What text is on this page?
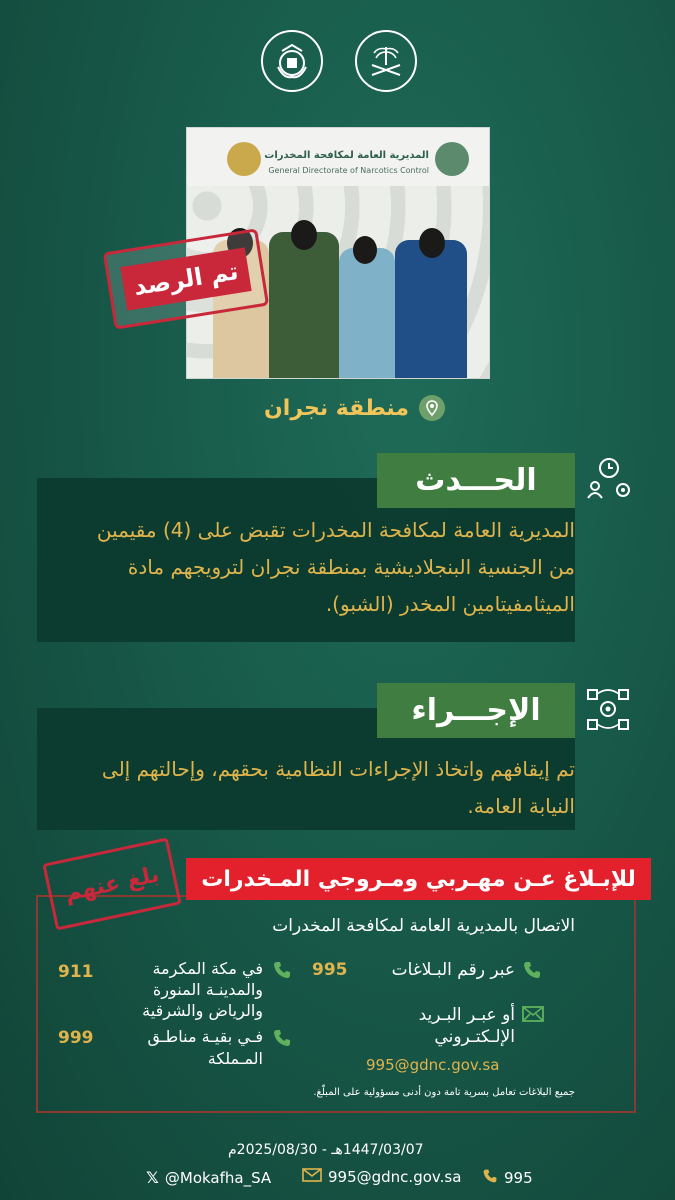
المديرية العامة لمكافحة المخدرات
General Directorate of Narcotics Control
تم الرصد
منطقة نجران
الحـــدث
المديرية العامة لمكافحة المخدرات تقبض على (4) مقيمين
من الجنسية البنجلاديشية بمنطقة نجران لترويجهم مادة
الميثامفيتامين المخدر (الشبو).
الإجـــراء
تم إيقافهم واتخاذ الإجراءات النظامية بحقهم، وإحالتهم إلى
النيابة العامة.
للإبـلاغ عـن مهـربي ومـروجي المـخدرات
بلغ عنهم
الاتصال بالمديرية العامة لمكافحة المخدرات
عبر رقم البـلاغات
995
أو عبـر البـريد الإلـكتـروني
995@gdnc.gov.sa
في مكة المكرمة والمدينـة المنورة والرياض والشرقية
911
فـي بقيـة مناطـق المـملكة
999
جميع البلاغات تعامل بسرية تامة دون أدنى مسؤولية على المبلّغ.
1447/03/07هـ - 2025/08/30م
𝕏 @Mokafha_SA	995@gdnc.gov.sa	995
